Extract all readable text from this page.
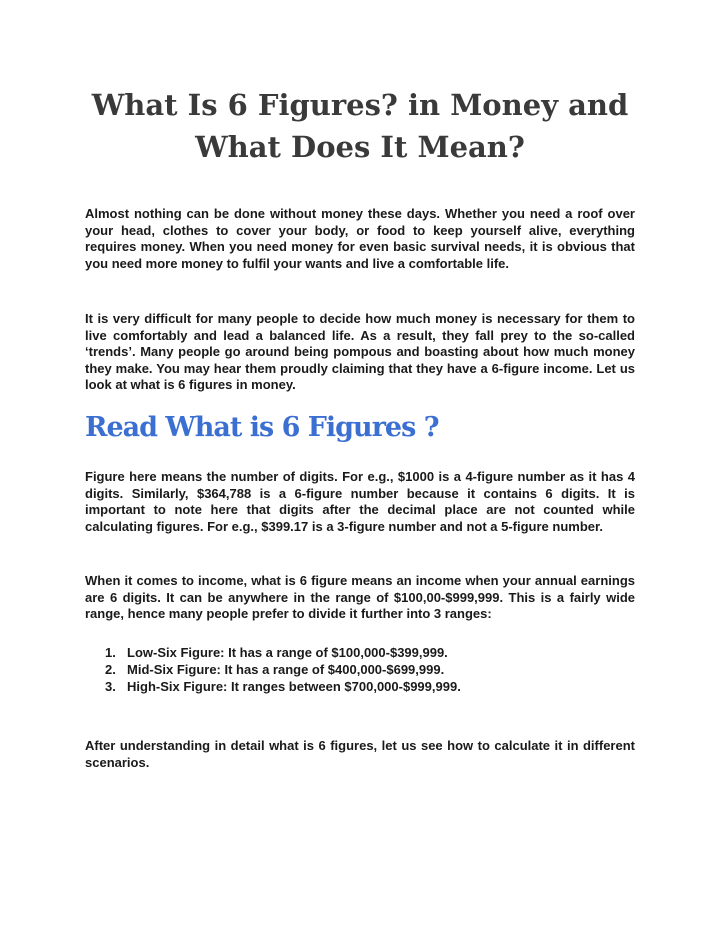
What Is 6 Figures? in Money and
What Does It Mean?

Almost nothing can be done without money these days. Whether you need a roof over your head, clothes to cover your body, or food to keep yourself alive, everything requires money. When you need money for even basic survival needs, it is obvious that you need more money to fulfil your wants and live a comfortable life.

It is very difficult for many people to decide how much money is necessary for them to live comfortably and lead a balanced life. As a result, they fall prey to the so-called ‘trends’. Many people go around being pompous and boasting about how much money they make. You may hear them proudly claiming that they have a 6-figure income. Let us look at what is 6 figures in money.

Read What is 6 Figures ?

Figure here means the number of digits. For e.g., $1000 is a 4-figure number as it has 4 digits. Similarly, $364,788 is a 6-figure number because it contains 6 digits. It is important to note here that digits after the decimal place are not counted while calculating figures. For e.g., $399.17 is a 3-figure number and not a 5-figure number.

When it comes to income, what is 6 figure means an income when your annual earnings are 6 digits. It can be anywhere in the range of $100,00-$999,999. This is a fairly wide range, hence many people prefer to divide it further into 3 ranges:

1. Low-Six Figure: It has a range of $100,000-$399,999.
2. Mid-Six Figure: It has a range of $400,000-$699,999.
3. High-Six Figure: It ranges between $700,000-$999,999.

After understanding in detail what is 6 figures, let us see how to calculate it in different scenarios.
